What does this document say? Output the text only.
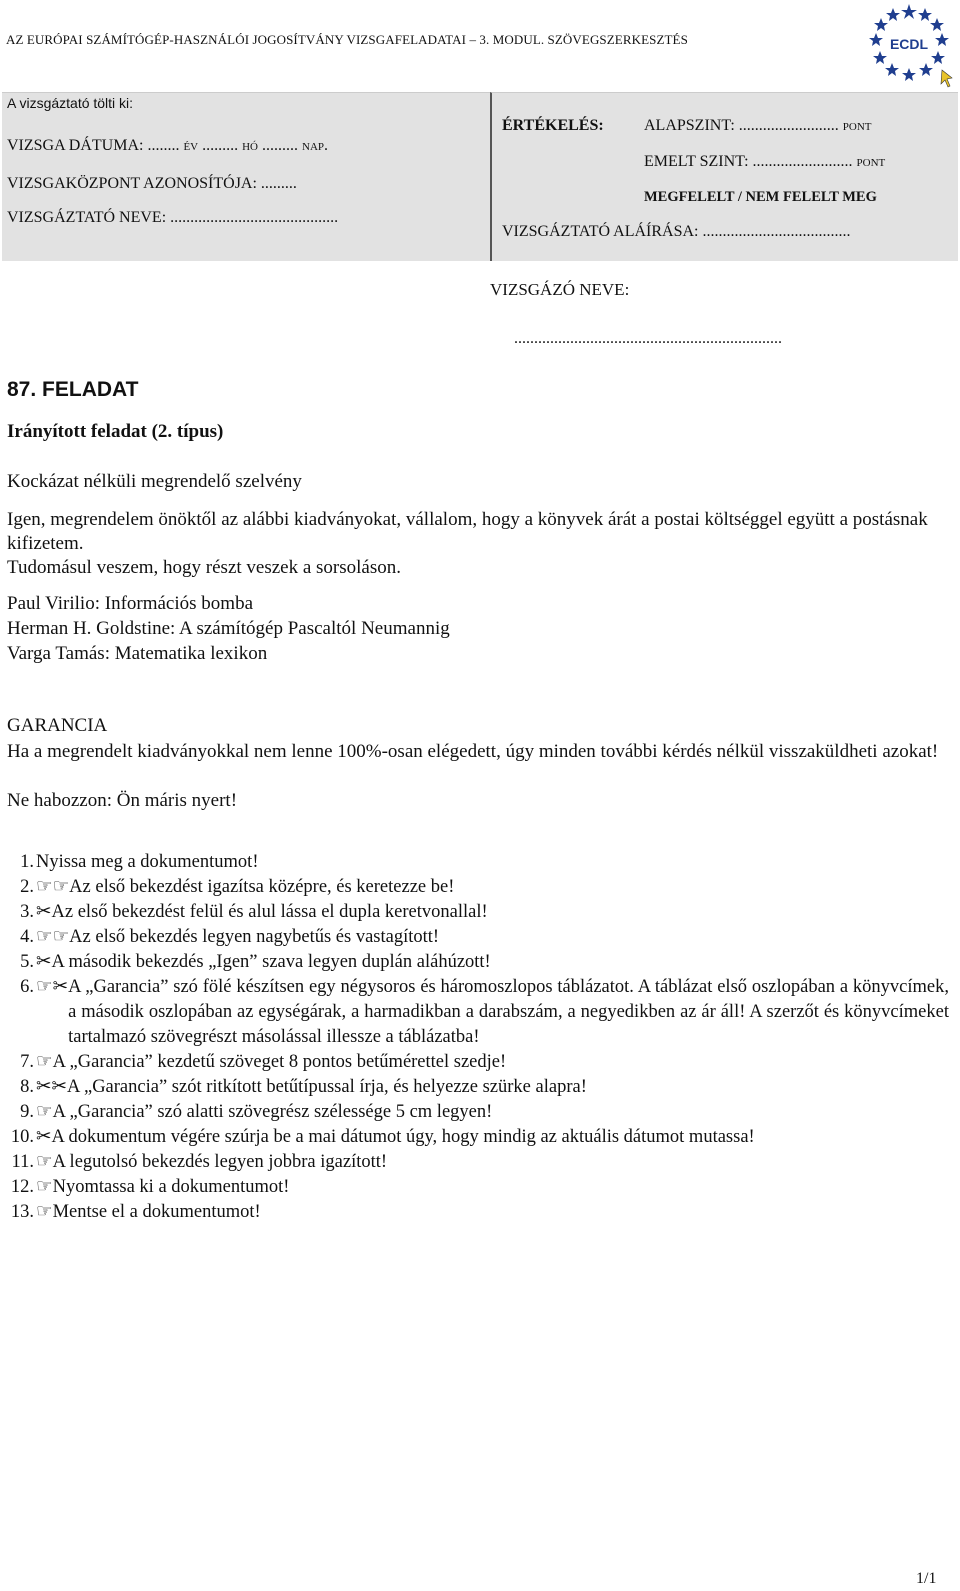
AZ EURÓPAI SZÁMÍTÓGÉP-HASZNÁLÓI JOGOSÍTVÁNY VIZSGAFELADATAI – 3. MODUL. SZÖVEGSZERKESZTÉS	ECDL
A vizsgáztató tölti ki:
VIZSGA DÁTUMA: ........ év ......... hó ......... nap.
VIZSGAKÖZPONT AZONOSÍTÓJA: .........
VIZSGÁZTATÓ NEVE: ..........................................
ÉRTÉKELÉS:	ALAPSZINT: ......................... pont
EMELT SZINT: ......................... pont
MEGFELELT / NEM FELELT MEG
VIZSGÁZTATÓ ALÁÍRÁSA: .....................................
VIZSGÁZÓ NEVE:
...................................................................
87. FELADAT
Irányított feladat (2. típus)
Kockázat nélküli megrendelő szelvény
Igen, megrendelem önöktől az alábbi kiadványokat, vállalom, hogy a könyvek árát a postai költséggel együtt a postásnak kifizetem.
Tudomásul veszem, hogy részt veszek a sorsoláson.
Paul Virilio: Információs bomba
Herman H. Goldstine: A számítógép Pascaltól Neumannig
Varga Tamás: Matematika lexikon
GARANCIA
Ha a megrendelt kiadványokkal nem lenne 100%-osan elégedett, úgy minden további kérdés nélkül visszaküldheti azokat!
Ne habozzon: Ön máris nyert!
1. Nyissa meg a dokumentumot!
2. ☞☞ Az első bekezdést igazítsa középre, és keretezze be!
3. ✂ Az első bekezdést felül és alul lássa el dupla keretvonallal!
4. ☞☞ Az első bekezdés legyen nagybetűs és vastagított!
5. ✂ A második bekezdés „Igen” szava legyen duplán aláhúzott!
6. ☞✂ A „Garancia” szó fölé készítsen egy négysoros és háromoszlopos táblázatot. A táblázat első oszlopában a könyvcímek, a második oszlopában az egységárak, a harmadikban a darabszám, a negyedikben az ár áll! A szerzőt és könyvcímeket tartalmazó szövegrészt másolással illessze a táblázatba!
7. ☞ A „Garancia” kezdetű szöveget 8 pontos betűmérettel szedje!
8. ✂✂ A „Garancia” szót ritkított betűtípussal írja, és helyezze szürke alapra!
9. ☞ A „Garancia” szó alatti szövegrész szélessége 5 cm legyen!
10. ✂ A dokumentum végére szúrja be a mai dátumot úgy, hogy mindig az aktuális dátumot mutassa!
11. ☞ A legutolsó bekezdés legyen jobbra igazított!
12. ☞ Nyomtassa ki a dokumentumot!
13. ☞ Mentse el a dokumentumot!
1/1
